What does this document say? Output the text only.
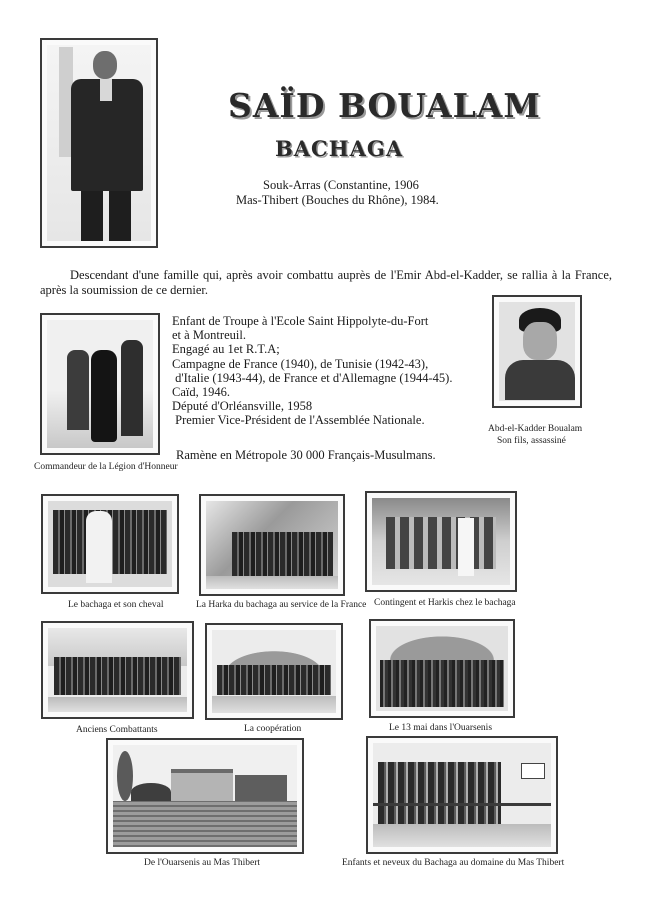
SAÏD BOUALAM
BACHAGA
Souk-Arras (Constantine, 1906
Mas-Thibert (Bouches du Rhône), 1984.
Descendant d'une famille qui, après avoir combattu auprès de l'Emir Abd-el-Kadder, se rallia à la France, après la soumission de ce dernier.
Commandeur de la Légion d'Honneur

Enfant de Troupe à l'Ecole Saint Hippolyte-du-Fort

et à Montreuil.

Engagé au 1et R.T.A;

Campagne de France (1940), de Tunisie (1942-43),

d'Italie (1943-44), de France et d'Allemagne (1944-45).

Caïd, 1946.

Député d'Orléansville, 1958

Premier Vice-Président de l'Assemblée Nationale.

Ramène en Métropole 30 000 Français-Musulmans.
Abd-el-Kadder Boualam
Son fils, assassiné
Le bachaga et son cheval	La Harka du bachaga au service de la France Contingent et Harkis chez le bachaga
Anciens Combattants	La coopération	Le 13 mai dans l'Ouarsenis
De l'Ouarsenis au Mas Thibert	Enfants et neveux du Bachaga au domaine du Mas Thibert
